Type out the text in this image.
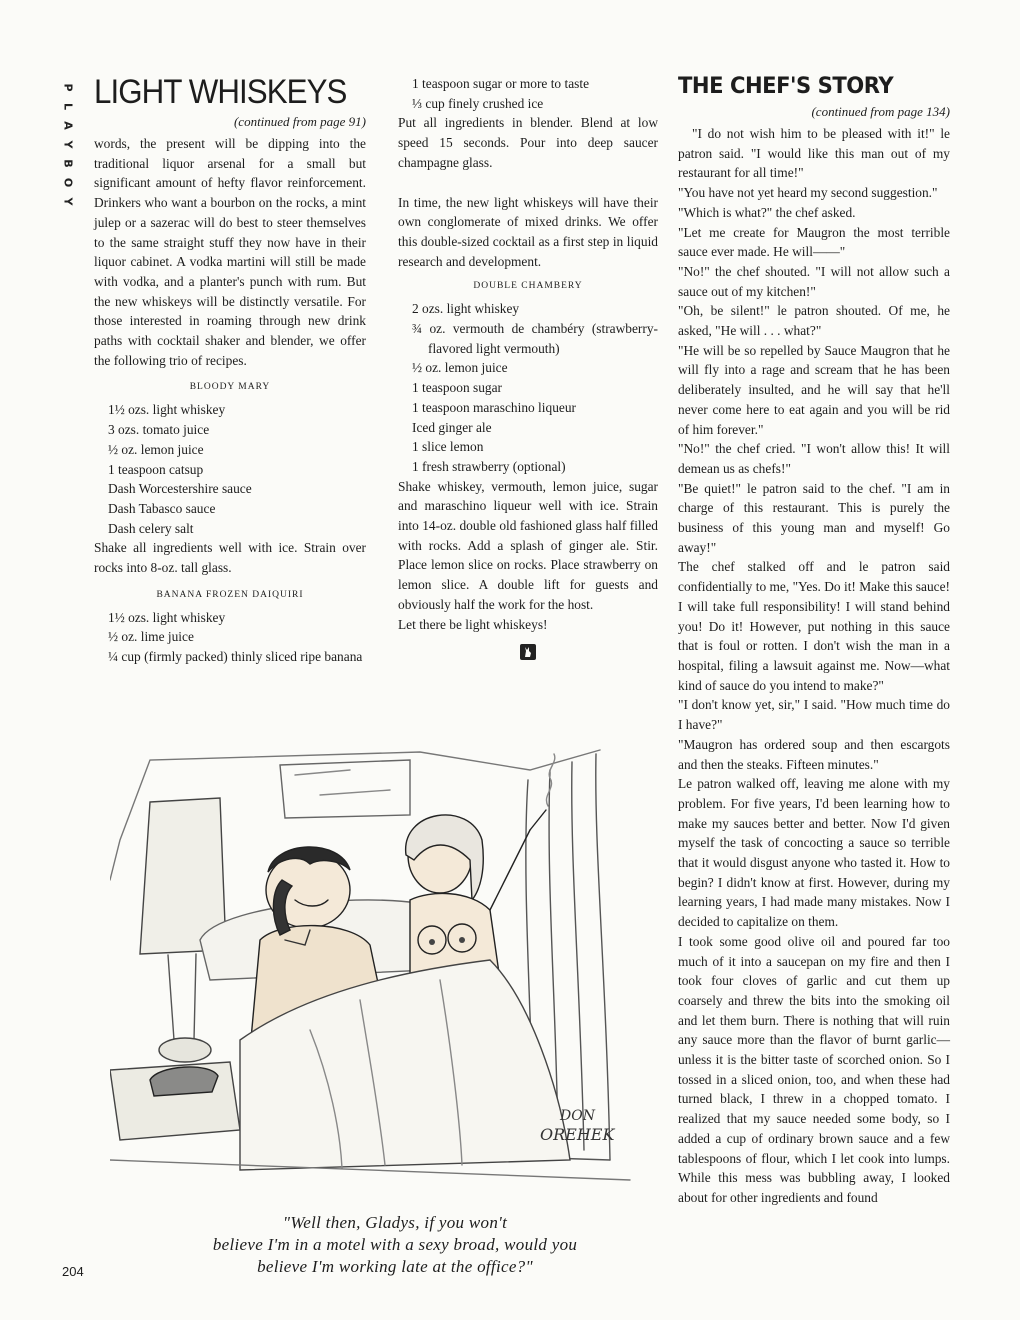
P
L
A
Y
B
O
Y
LIGHT WHISKEYS
(continued from page 91)

words, the present will be dipping into the traditional liquor arsenal for a small but significant amount of hefty flavor reinforcement. Drinkers who want a bourbon on the rocks, a mint julep or a sazerac will do best to steer themselves to the same straight stuff they now have in their liquor cabinet. A vodka martini will still be made with vodka, and a planter's punch with rum. But the new whiskeys will be distinctly versatile. For those interested in roaming through new drink paths with cocktail shaker and blender, we offer the following trio of recipes.

BLOODY MARY

1½ ozs. light whiskey

3 ozs. tomato juice

½ oz. lemon juice

1 teaspoon catsup

Dash Worcestershire sauce

Dash Tabasco sauce

Dash celery salt

Shake all ingredients well with ice. Strain over rocks into 8-oz. tall glass.

BANANA FROZEN DAIQUIRI

1½ ozs. light whiskey

½ oz. lime juice

¼ cup (firmly packed) thinly sliced ripe banana

1 teaspoon sugar or more to taste

⅓ cup finely crushed ice

Put all ingredients in blender. Blend at low speed 15 seconds. Pour into deep saucer champagne glass.

In time, the new light whiskeys will have their own conglomerate of mixed drinks. We offer this double-sized cocktail as a first step in liquid research and development.

DOUBLE CHAMBERY

2 ozs. light whiskey

¾ oz. vermouth de chambéry (strawberry-flavored light vermouth)

½ oz. lemon juice

1 teaspoon sugar

1 teaspoon maraschino liqueur

Iced ginger ale

1 slice lemon

1 fresh strawberry (optional)

Shake whiskey, vermouth, lemon juice, sugar and maraschino liqueur well with ice. Strain into 14-oz. double old fashioned glass half filled with rocks. Add a splash of ginger ale. Stir. Place lemon slice on rocks. Place strawberry on lemon slice. A double lift for guests and obviously half the work for the host.

Let there be light whiskeys!

THE CHEF'S STORY
(continued from page 134)

"I do not wish him to be pleased with it!" le patron said. "I would like this man out of my restaurant for all time!"

"You have not yet heard my second suggestion."

"Which is what?" the chef asked.

"Let me create for Maugron the most terrible sauce ever made. He will——"

"No!" the chef shouted. "I will not allow such a sauce out of my kitchen!"

"Oh, be silent!" le patron shouted. Of me, he asked, "He will . . . what?"

"He will be so repelled by Sauce Maugron that he will fly into a rage and scream that he has been deliberately insulted, and he will say that he'll never come here to eat again and you will be rid of him forever."

"No!" the chef cried. "I won't allow this! It will demean us as chefs!"

"Be quiet!" le patron said to the chef. "I am in charge of this restaurant. This is purely the business of this young man and myself! Go away!"

The chef stalked off and le patron said confidentially to me, "Yes. Do it! Make this sauce! I will take full responsibility! I will stand behind you! Do it! However, put nothing in this sauce that is foul or rotten. I don't wish the man in a hospital, filing a lawsuit against me. Now—what kind of sauce do you intend to make?"

"I don't know yet, sir," I said. "How much time do I have?"

"Maugron has ordered soup and then escargots and then the steaks. Fifteen minutes."

Le patron walked off, leaving me alone with my problem. For five years, I'd been learning how to make my sauces better and better. Now I'd given myself the task of concocting a sauce so terrible that it would disgust anyone who tasted it. How to begin? I didn't know at first. However, during my learning years, I had made many mistakes. Now I decided to capitalize on them.

I took some good olive oil and poured far too much of it into a saucepan on my fire and then I took four cloves of garlic and cut them up coarsely and threw the bits into the smoking oil and let them burn. There is nothing that will ruin any sauce more than the flavor of burnt garlic—unless it is the bitter taste of scorched onion. So I tossed in a sliced onion, too, and when these had turned black, I threw in a chopped tomato. I realized that my sauce needed some body, so I added a cup of ordinary brown sauce and a few tablespoons of flour, which I let cook into lumps. While this mess was bubbling away, I looked about for other ingredients and found

DON
OREHEK
"Well then, Gladys, if you won't
believe I'm in a motel with a sexy broad, would you
believe I'm working late at the office?"
204
